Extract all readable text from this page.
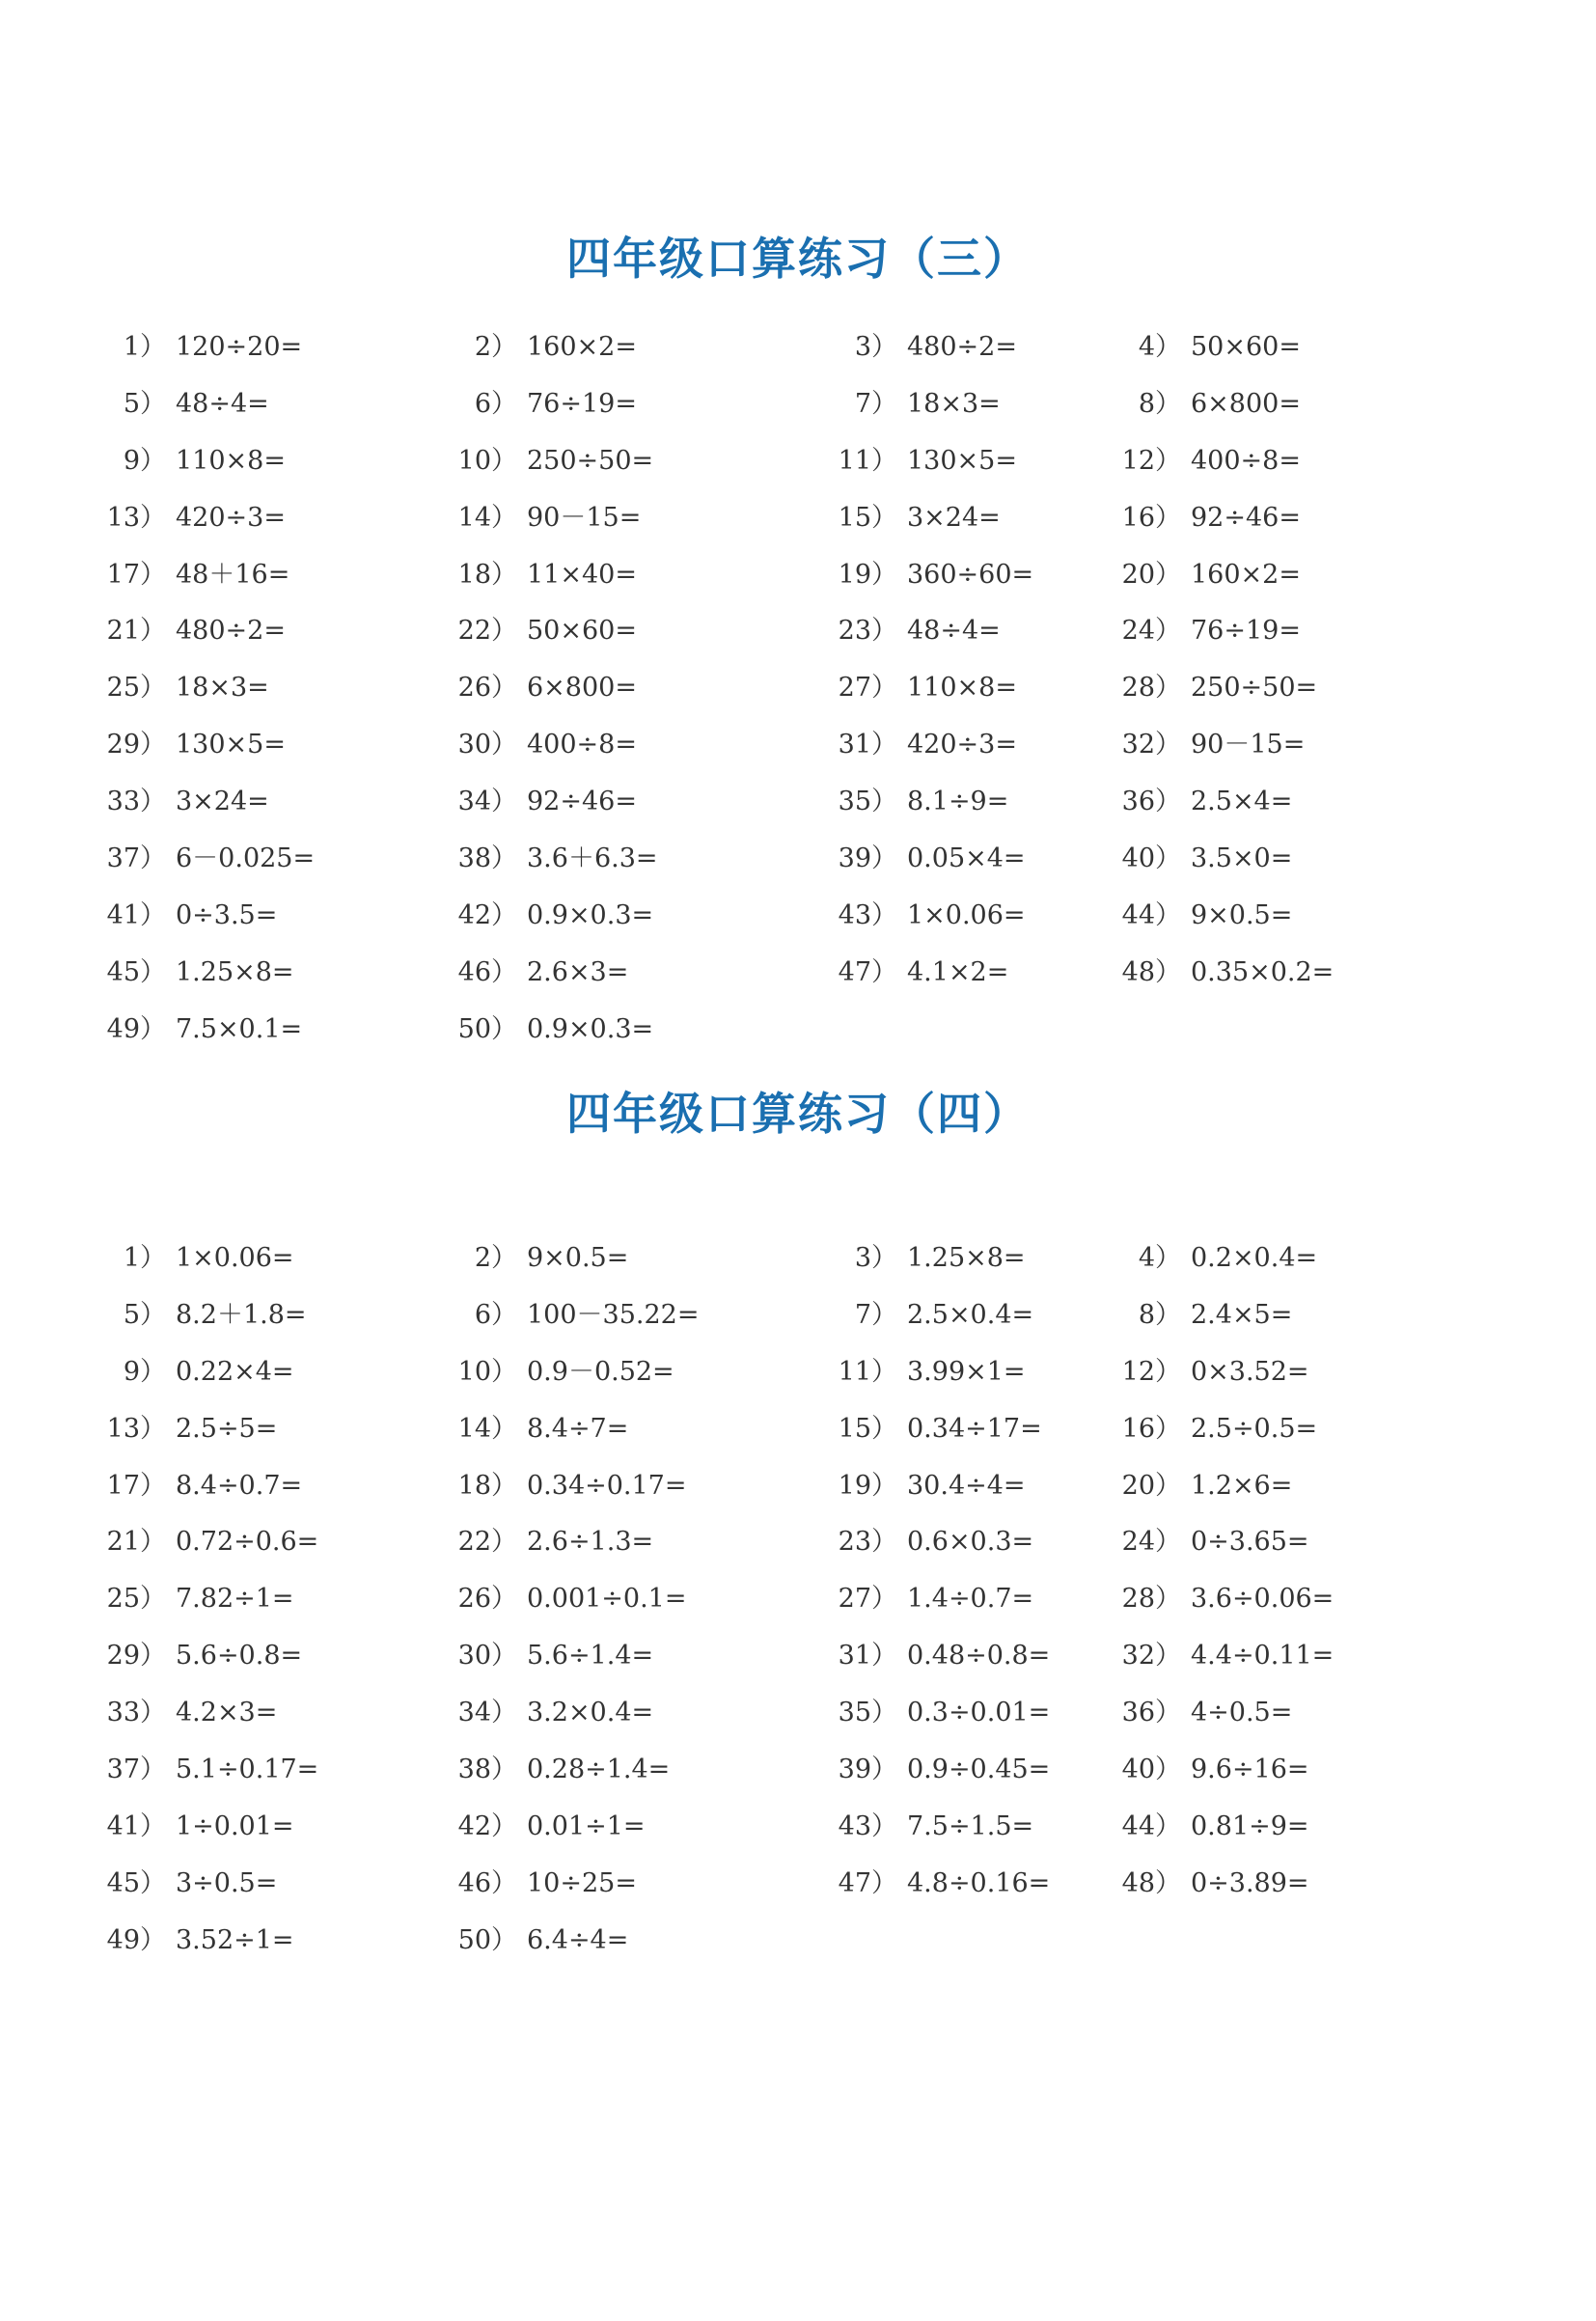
四年级口算练习（三）
1） 120÷20=	2） 160×2=	3） 480÷2=	4） 50×60=
5） 48÷4=	6） 76÷19=	7） 18×3=	8） 6×800=
9） 110×8=	10） 250÷50=	11） 130×5=	12） 400÷8=
13） 420÷3=	14） 90－15=	15） 3×24=	16） 92÷46=
17） 48＋16=	18） 11×40=	19） 360÷60=	20） 160×2=
21） 480÷2=	22） 50×60=	23） 48÷4=	24） 76÷19=
25） 18×3=	26） 6×800=	27） 110×8=	28） 250÷50=
29） 130×5=	30） 400÷8=	31） 420÷3=	32） 90－15=
33） 3×24=	34） 92÷46=	35） 8.1÷9=	36） 2.5×4=
37） 6－0.025=	38） 3.6＋6.3=	39） 0.05×4=	40） 3.5×0=
41） 0÷3.5=	42） 0.9×0.3=	43） 1×0.06=	44） 9×0.5=
45） 1.25×8=	46） 2.6×3=	47） 4.1×2=	48） 0.35×0.2=
49） 7.5×0.1=	50） 0.9×0.3=
四年级口算练习（四）
1） 1×0.06=	2） 9×0.5=	3） 1.25×8=	4） 0.2×0.4=
5） 8.2＋1.8=	6） 100－35.22=	7） 2.5×0.4=	8） 2.4×5=
9） 0.22×4=	10） 0.9－0.52=	11） 3.99×1=	12） 0×3.52=
13） 2.5÷5=	14） 8.4÷7=	15） 0.34÷17=	16） 2.5÷0.5=
17） 8.4÷0.7=	18） 0.34÷0.17=	19） 30.4÷4=	20） 1.2×6=
21） 0.72÷0.6=	22） 2.6÷1.3=	23） 0.6×0.3=	24） 0÷3.65=
25） 7.82÷1=	26） 0.001÷0.1=	27） 1.4÷0.7=	28） 3.6÷0.06=
29） 5.6÷0.8=	30） 5.6÷1.4=	31） 0.48÷0.8=	32） 4.4÷0.11=
33） 4.2×3=	34） 3.2×0.4=	35） 0.3÷0.01=	36） 4÷0.5=
37） 5.1÷0.17=	38） 0.28÷1.4=	39） 0.9÷0.45=	40） 9.6÷16=
41） 1÷0.01=	42） 0.01÷1=	43） 7.5÷1.5=	44） 0.81÷9=
45） 3÷0.5=	46） 10÷25=	47） 4.8÷0.16=	48） 0÷3.89=
49） 3.52÷1=	50） 6.4÷4=
